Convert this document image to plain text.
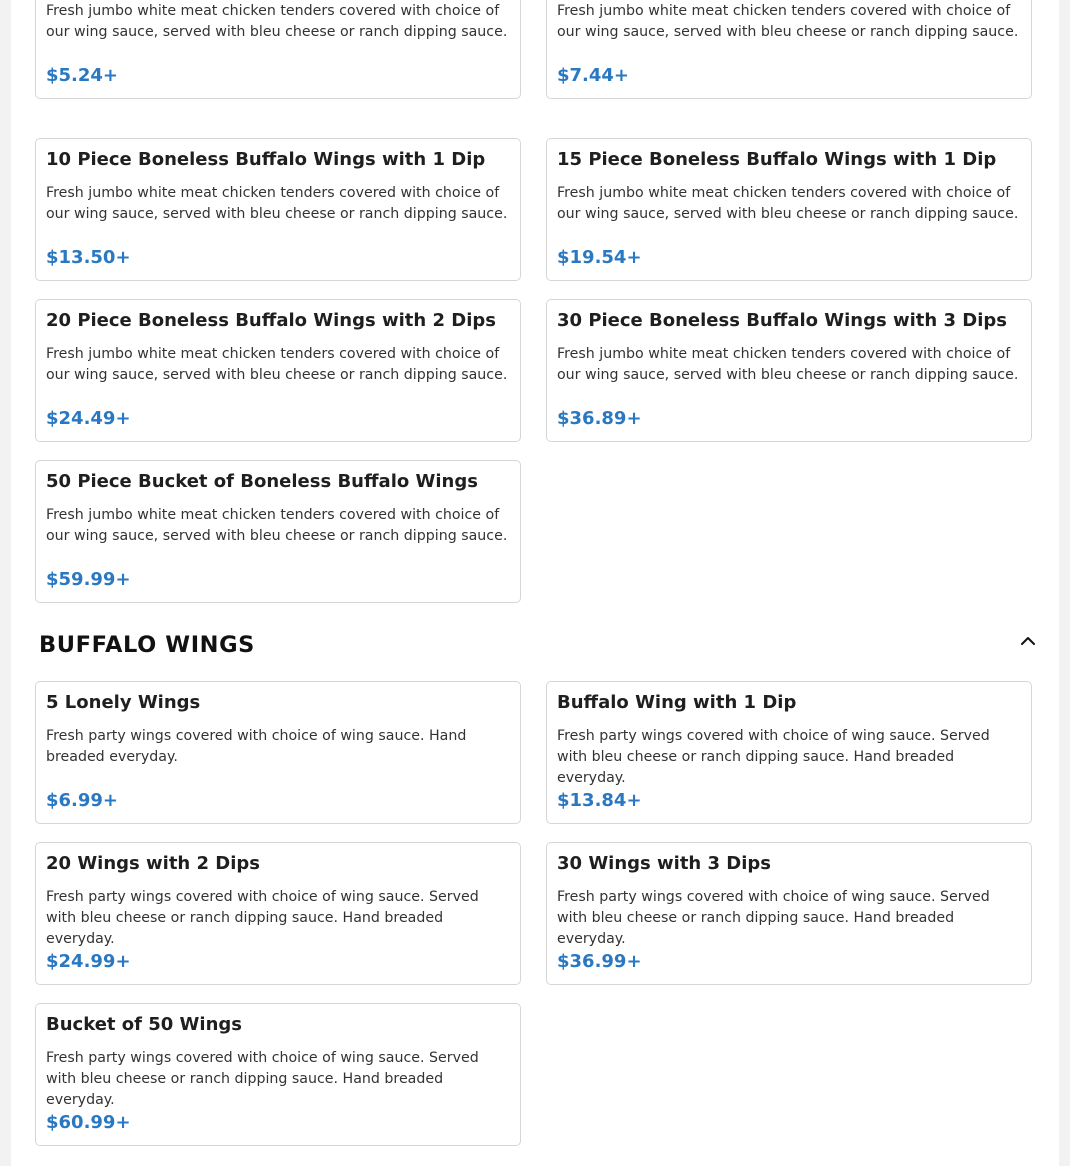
Fresh jumbo white meat chicken tenders covered with choice of our wing sauce, served with bleu cheese or ranch dipping sauce.
$5.24+
Fresh jumbo white meat chicken tenders covered with choice of our wing sauce, served with bleu cheese or ranch dipping sauce.
$7.44+
10 Piece Boneless Buffalo Wings with 1 Dip
Fresh jumbo white meat chicken tenders covered with choice of our wing sauce, served with bleu cheese or ranch dipping sauce.
$13.50+
15 Piece Boneless Buffalo Wings with 1 Dip
Fresh jumbo white meat chicken tenders covered with choice of our wing sauce, served with bleu cheese or ranch dipping sauce.
$19.54+
20 Piece Boneless Buffalo Wings with 2 Dips
Fresh jumbo white meat chicken tenders covered with choice of our wing sauce, served with bleu cheese or ranch dipping sauce.
$24.49+
30 Piece Boneless Buffalo Wings with 3 Dips
Fresh jumbo white meat chicken tenders covered with choice of our wing sauce, served with bleu cheese or ranch dipping sauce.
$36.89+
50 Piece Bucket of Boneless Buffalo Wings
Fresh jumbo white meat chicken tenders covered with choice of our wing sauce, served with bleu cheese or ranch dipping sauce.
$59.99+
BUFFALO WINGS
5 Lonely Wings
Fresh party wings covered with choice of wing sauce. Hand breaded everyday.
$6.99+
Buffalo Wing with 1 Dip
Fresh party wings covered with choice of wing sauce. Served with bleu cheese or ranch dipping sauce. Hand breaded everyday.
$13.84+
20 Wings with 2 Dips
Fresh party wings covered with choice of wing sauce. Served with bleu cheese or ranch dipping sauce. Hand breaded everyday.
$24.99+
30 Wings with 3 Dips
Fresh party wings covered with choice of wing sauce. Served with bleu cheese or ranch dipping sauce. Hand breaded everyday.
$36.99+
Bucket of 50 Wings
Fresh party wings covered with choice of wing sauce. Served with bleu cheese or ranch dipping sauce. Hand breaded everyday.
$60.99+
